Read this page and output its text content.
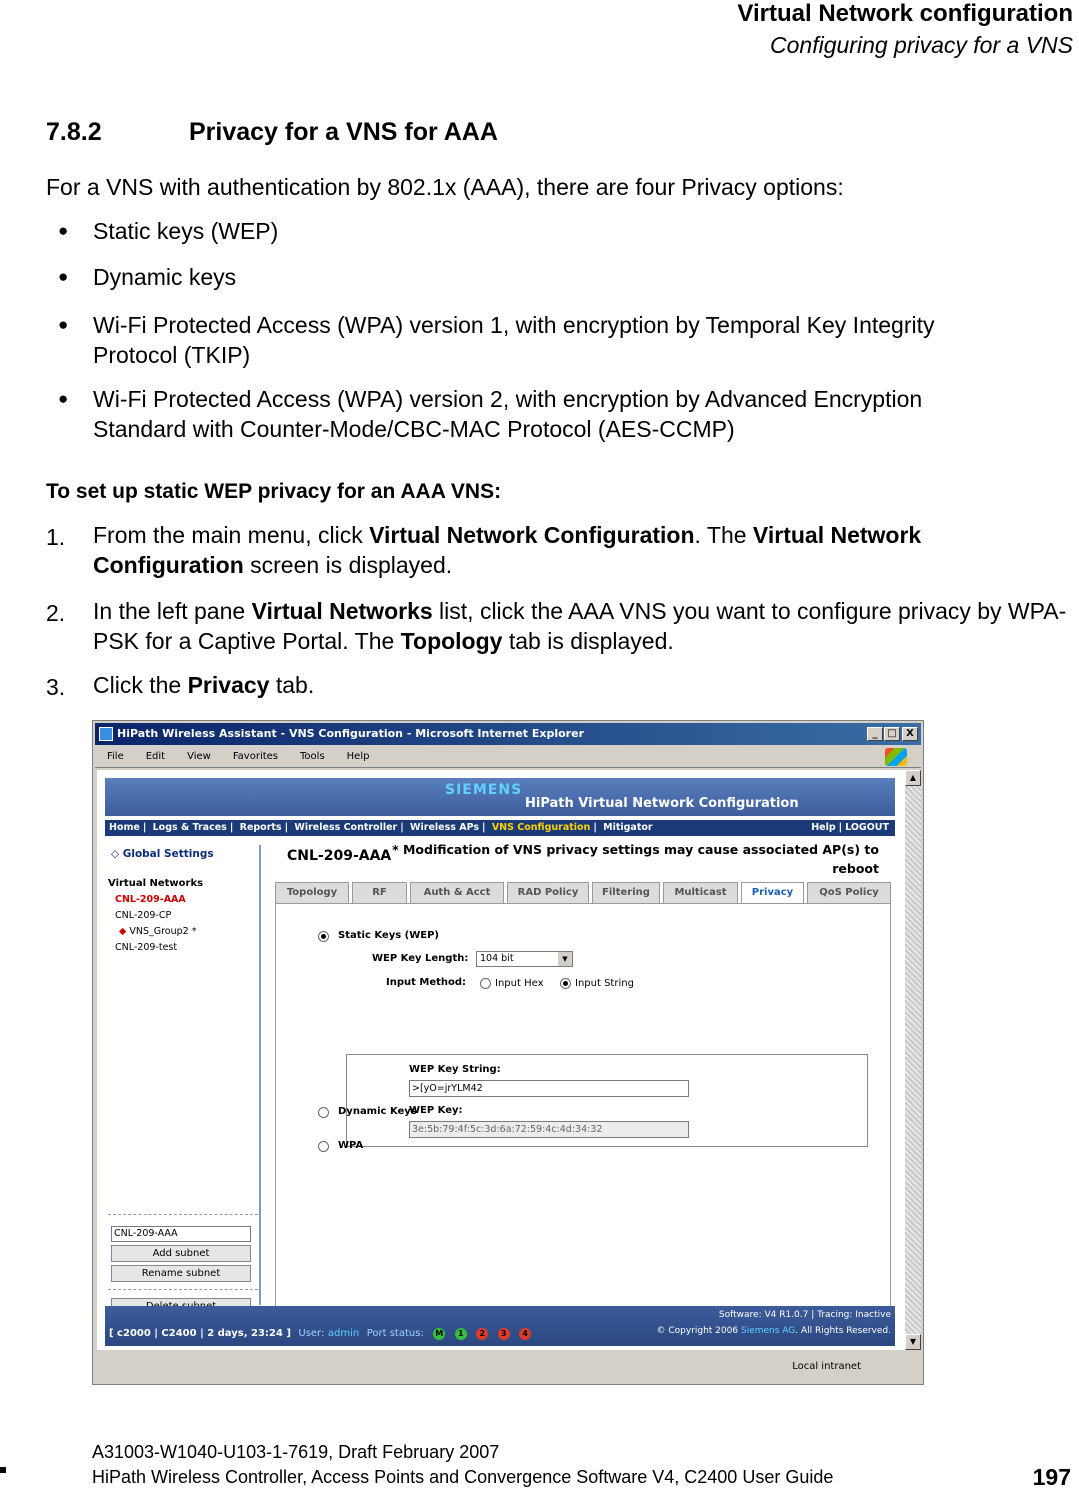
Virtual Network configuration
Configuring privacy for a VNS
7.8.2	Privacy for a VNS for AAA
For a VNS with authentication by 802.1x (AAA), there are four Privacy options:
● Static keys (WEP)
● Dynamic keys
● Wi-Fi Protected Access (WPA) version 1, with encryption by Temporal Key Integrity Protocol (TKIP)
● Wi-Fi Protected Access (WPA) version 2, with encryption by Advanced Encryption Standard with Counter-Mode/CBC-MAC Protocol (AES-CCMP)
To set up static WEP privacy for an AAA VNS:
1. From the main menu, click Virtual Network Configuration. The Virtual Network Configuration screen is displayed.
2. In the left pane Virtual Networks list, click the AAA VNS you want to configure privacy by WPA-PSK for a Captive Portal. The Topology tab is displayed.
3. Click the Privacy tab.
HiPath Wireless Assistant - VNS Configuration - Microsoft Internet Explorer	_ □ X
File Edit View Favorites Tools Help
SIEMENS
HiPath Virtual Network Configuration
Home | Logs & Traces | Reports | Wireless Controller | Wireless APs | VNS Configuration | Mitigator	Help | LOGOUT
◇ Global Settings
Virtual Networks
CNL-209-AAA
CNL-209-CP
◆ VNS_Group2 *
CNL-209-test
CNL-209-AAA
Add subnet
Rename subnet
CNL-209-AAA * Modification of VNS privacy settings may cause associated AP(s) to reboot
Topology	RF	Auth & Acct	RAD Policy	Filtering	Multicast	Privacy	QoS Policy
Static Keys (WEP)
WEP Key Length:	104 bit	▼
Input Method:	Input Hex	Input String
WEP Key String:
>[yO=jrYLM42
WEP Key:
3e:5b:79:4f:5c:3d:6a:72:59:4c:4d:34:32
Dynamic Keys
WPA
[ c2000 | C2400 | 2 days, 23:24 ] User: admin Port status: M 1 2 3 4
Software: V4 R1.0.7 | Tracing: Inactive
© Copyright 2006 Siemens AG. All Rights Reserved.
▲
▼
Local intranet
A31003-W1040-U103-1-7619, Draft February 2007
HiPath Wireless Controller, Access Points and Convergence Software V4, C2400 User Guide	197
